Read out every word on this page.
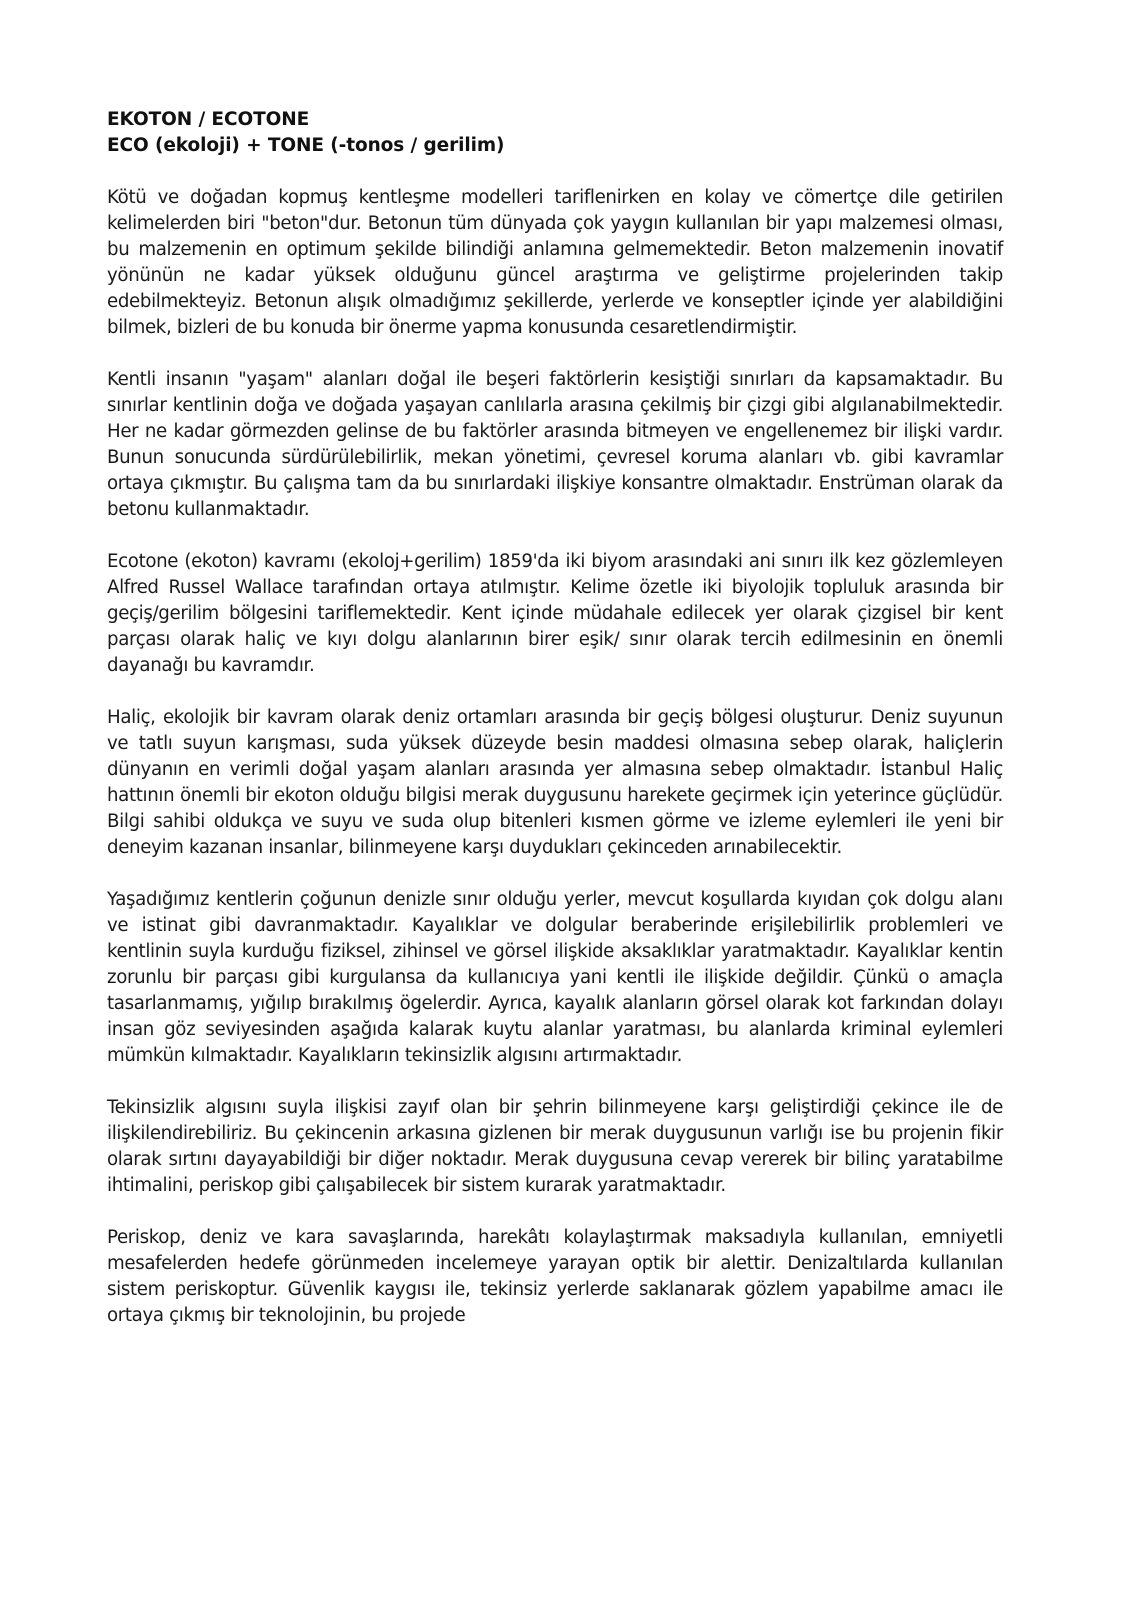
EKOTON / ECOTONE
ECO (ekoloji) + TONE (-tonos / gerilim)

Kötü ve doğadan kopmuş kentleşme modelleri tariflenirken en kolay ve cömertçe dile getirilen kelimelerden biri "beton"dur. Betonun tüm dünyada çok yaygın kullanılan bir yapı malzemesi olması, bu malzemenin en optimum şekilde bilindiği anlamına gelmemektedir. Beton malzemenin inovatif yönünün ne kadar yüksek olduğunu güncel araştırma ve geliştirme projelerinden takip edebilmekteyiz. Betonun alışık olmadığımız şekillerde, yerlerde ve konseptler içinde yer alabildiğini bilmek, bizleri de bu konuda bir önerme yapma konusunda cesaretlendirmiştir.

Kentli insanın "yaşam" alanları doğal ile beşeri faktörlerin kesiştiği sınırları da kapsamaktadır. Bu sınırlar kentlinin doğa ve doğada yaşayan canlılarla arasına çekilmiş bir çizgi gibi algılanabilmektedir. Her ne kadar görmezden gelinse de bu faktörler arasında bitmeyen ve engellenemez bir ilişki vardır. Bunun sonucunda sürdürülebilirlik, mekan yönetimi, çevresel koruma alanları vb. gibi kavramlar ortaya çıkmıştır. Bu çalışma tam da bu sınırlardaki ilişkiye konsantre olmaktadır. Enstrüman olarak da betonu kullanmaktadır.

Ecotone (ekoton) kavramı (ekoloj+gerilim) 1859'da iki biyom arasındaki ani sınırı ilk kez gözlemleyen Alfred Russel Wallace tarafından ortaya atılmıştır. Kelime özetle iki biyolojik topluluk arasında bir geçiş/gerilim bölgesini tariflemektedir. Kent içinde müdahale edilecek yer olarak çizgisel bir kent parçası olarak haliç ve kıyı dolgu alanlarının birer eşik/ sınır olarak tercih edilmesinin en önemli dayanağı bu kavramdır.

Haliç, ekolojik bir kavram olarak deniz ortamları arasında bir geçiş bölgesi oluşturur. Deniz suyunun ve tatlı suyun karışması, suda yüksek düzeyde besin maddesi olmasına sebep olarak, haliçlerin dünyanın en verimli doğal yaşam alanları arasında yer almasına sebep olmaktadır. İstanbul Haliç hattının önemli bir ekoton olduğu bilgisi merak duygusunu harekete geçirmek için yeterince güçlüdür. Bilgi sahibi oldukça ve suyu ve suda olup bitenleri kısmen görme ve izleme eylemleri ile yeni bir deneyim kazanan insanlar, bilinmeyene karşı duydukları çekinceden arınabilecektir.

Yaşadığımız kentlerin çoğunun denizle sınır olduğu yerler, mevcut koşullarda kıyıdan çok dolgu alanı ve istinat gibi davranmaktadır. Kayalıklar ve dolgular beraberinde erişilebilirlik problemleri ve kentlinin suyla kurduğu fiziksel, zihinsel ve görsel ilişkide aksaklıklar yaratmaktadır. Kayalıklar kentin zorunlu bir parçası gibi kurgulansa da kullanıcıya yani kentli ile ilişkide değildir. Çünkü o amaçla tasarlanmamış, yığılıp bırakılmış ögelerdir. Ayrıca, kayalık alanların görsel olarak kot farkından dolayı insan göz seviyesinden aşağıda kalarak kuytu alanlar yaratması, bu alanlarda kriminal eylemleri mümkün kılmaktadır. Kayalıkların tekinsizlik algısını artırmaktadır.

Tekinsizlik algısını suyla ilişkisi zayıf olan bir şehrin bilinmeyene karşı geliştirdiği çekince ile de ilişkilendirebiliriz. Bu çekincenin arkasına gizlenen bir merak duygusunun varlığı ise bu projenin fikir olarak sırtını dayayabildiği bir diğer noktadır. Merak duygusuna cevap vererek bir bilinç yaratabilme ihtimalini, periskop gibi çalışabilecek bir sistem kurarak yaratmaktadır.

Periskop, deniz ve kara savaşlarında, harekâtı kolaylaştırmak maksadıyla kullanılan, emniyetli mesafelerden hedefe görünmeden incelemeye yarayan optik bir alettir. Denizaltılarda kullanılan sistem periskoptur. Güvenlik kaygısı ile, tekinsiz yerlerde saklanarak gözlem yapabilme amacı ile ortaya çıkmış bir teknolojinin, bu projede
